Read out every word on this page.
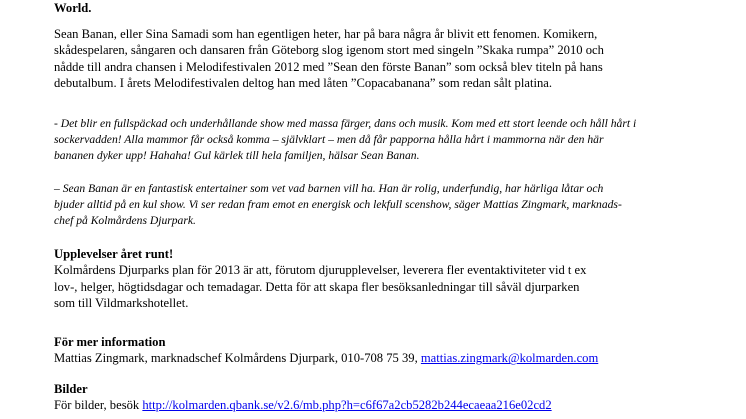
World.

Sean Banan, eller Sina Samadi som han egentligen heter, har på bara några år blivit ett fenomen. Komikern,
skådespelaren, sångaren och dansaren från Göteborg slog igenom stort med singeln ”Skaka rumpa” 2010 och
nådde till andra chansen i Melodifestivalen 2012 med ”Sean den förste Banan” som också blev titeln på hans
debutalbum. I årets Melodifestivalen deltog han med låten ”Copacabanana” som redan sålt platina.
- Det blir en fullspäckad och underhållande show med massa färger, dans och musik. Kom med ett stort leende och håll hårt i
sockervadden! Alla mammor får också komma – självklart – men då får papporna hålla hårt i mammorna när den här
bananen dyker upp! Hahaha! Gul kärlek till hela familjen, hälsar Sean Banan.
– Sean Banan är en fantastisk entertainer som vet vad barnen vill ha. Han är rolig, underfundig, har härliga låtar och
bjuder alltid på en kul show. Vi ser redan fram emot en energisk och lekfull scenshow, säger Mattias Zingmark, marknads-
chef på Kolmårdens Djurpark.
Upplevelser året runt!
Kolmårdens Djurparks plan för 2013 är att, förutom djurupplevelser, leverera fler eventaktiviteter vid t ex
lov-, helger, högtidsdagar och temadagar. Detta för att skapa fler besöksanledningar till såväl djurparken
som till Vildmarkshotellet.
För mer information
Mattias Zingmark, marknadschef Kolmårdens Djurpark, 010-708 75 39, mattias.zingmark@kolmarden.com
Bilder
För bilder, besök http://kolmarden.qbank.se/v2.6/mb.php?h=c6f67a2cb5282b244ecaeaa216e02cd2
